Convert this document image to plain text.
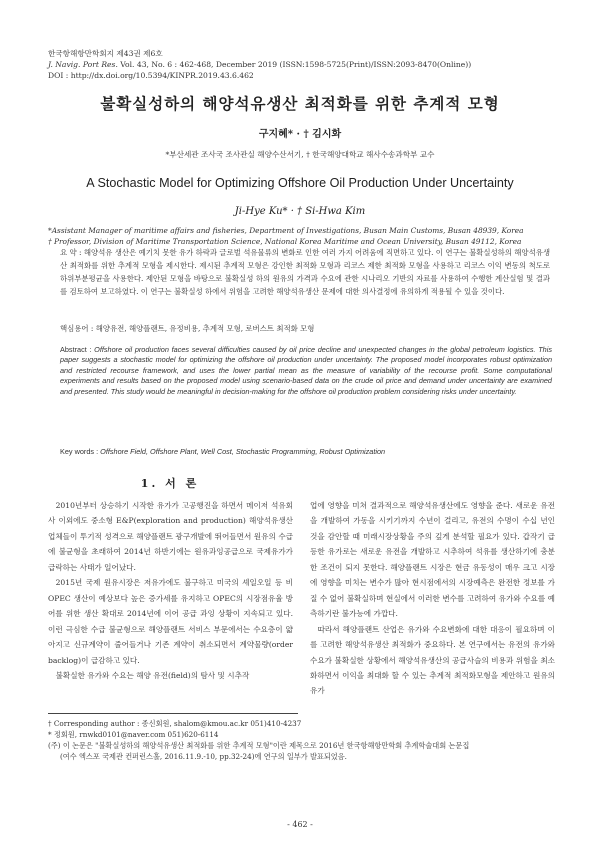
한국항해항만학회지 제43권 제6호
J. Navig. Port Res. Vol. 43, No. 6 : 462-468, December 2019 (ISSN:1598-5725(Print)/ISSN:2093-8470(Online))
DOI : http://dx.doi.org/10.5394/KINPR.2019.43.6.462
불확실성하의 해양석유생산 최적화를 위한 추계적 모형
구지혜* · † 김시화
*부산세관 조사국 조사관실 해양수산서기, † 한국해양대학교 해사수송과학부 교수
A Stochastic Model for Optimizing Offshore Oil Production Under Uncertainty
Ji-Hye Ku* · † Si-Hwa Kim
*Assistant Manager of maritime affairs and fisheries, Department of Investigations, Busan Main Customs, Busan 48939, Korea
† Professor, Division of Maritime Transportation Science, National Korea Maritime and Ocean University, Busan 49112, Korea
요 약 : 해양석유 생산은 예기치 못한 유가 하락과 글로벌 석유물류의 변화로 인한 여러 가지 어려움에 직면하고 있다. 이 연구는 불확실성하의 해양석유생산 최적화를 위한 추계적 모형을 제시한다. 제시된 추계적 모형은 강인한 최적화 모형과 리코스 제한 최적화 모형을 사용하고 리코스 이익 변동의 척도로 하위부분평균을 사용한다. 제안된 모형을 바탕으로 불확실성 하의 원유의 가격과 수요에 관한 시나리오 기반의 자료를 사용하여 수행한 계산실험 및 결과를 검토하여 보고하였다. 이 연구는 불확실성 하에서 위험을 고려한 해양석유생산 문제에 대한 의사결정에 유의하게 적용될 수 있을 것이다.
핵심용어 : 해양유전, 해양플랜트, 유정비용, 추계적 모형, 로버스트 최적화 모형
Abstract : Offshore oil production faces several difficulties caused by oil price decline and unexpected changes in the global petroleum logistics. This paper suggests a stochastic model for optimizing the offshore oil production under uncertainty. The proposed model incorporates robust optimization and restricted recourse framework, and uses the lower partial mean as the measure of variability of the recourse profit. Some computational experiments and results based on the proposed model using scenario-based data on the crude oil price and demand under uncertainty are examined and presented. This study would be meaningful in decision-making for the offshore oil production problem considering risks under uncertainty.
Key words : Offshore Field, Offshore Plant, Well Cost, Stochastic Programming, Robust Optimization
1. 서 론

2010년부터 상승하기 시작한 유가가 고공행진을 하면서 메이저 석유회사 이외에도 중소형 E&P(exploration and production) 해양석유생산 업체들이 투기적 성격으로 해양플랜트 광구개발에 뛰어들면서 원유의 수급에 불균형을 초래하여 2014년 하반기에는 원유과잉공급으로 국제유가가 급락하는 사태가 일어났다.

2015년 국제 원유시장은 저유가에도 불구하고 미국의 셰일오일 등 비 OPEC 생산이 예상보다 높은 증가세를 유지하고 OPEC의 시장점유율 방어를 위한 생산 확대로 2014년에 이어 공급 과잉 상황이 지속되고 있다. 이런 극심한 수급 불균형으로 해양플랜트 서비스 부문에서는 수요층이 얇아지고 신규계약이 줄어들거나 기존 계약이 취소되면서 계약물량(order backlog)이 급감하고 있다.

불확실한 유가와 수요는 해양 유전(field)의 탐사 및 시추작

업에 영향을 미쳐 결과적으로 해양석유생산에도 영향을 준다. 새로운 유전을 개발하여 가동을 시키기까지 수년이 걸리고, 유전의 수명이 수십 년인 것을 감안할 때 미래시장상황을 주의 깊게 분석할 필요가 있다. 갑작기 급등한 유가로는 새로운 유전을 개발하고 시추하여 석유를 생산하기에 충분한 조건이 되지 못한다. 해양플랜트 시장은 현금 유동성이 매우 크고 시장에 영향을 미치는 변수가 많아 현시점에서의 시장예측은 완전한 정보를 가질 수 없어 불확실하며 현실에서 이러한 변수를 고려하여 유가와 수요를 예측하기란 불가능에 가깝다.

따라서 해양플랜트 산업은 유가와 수요변화에 대한 대응이 필요하며 이를 고려한 해양석유생산 최적화가 중요하다. 본 연구에서는 유전의 유가와 수요가 불확실한 상황에서 해양석유생산의 공급사슬의 비용과 위험을 최소화하면서 이익을 최대화 할 수 있는 추계적 최적화모형을 제안하고 원유의 유가

† Corresponding author : 종신회원, shalom@kmou.ac.kr 051)410-4237
* 정회원, rnwkd0101@naver.com 051)620-6114
(주) 이 논문은 "불확실성하의 해양석유생산 최적화를 위한 추계적 모형"이란 제목으로 2016년 한국항해항만학회 추계학술대회 논문집
(여수 엑스포 국제관 컨퍼런스홀, 2016.11.9.-10, pp.32-24)에 연구의 일부가 발표되었음.
- 462 -
